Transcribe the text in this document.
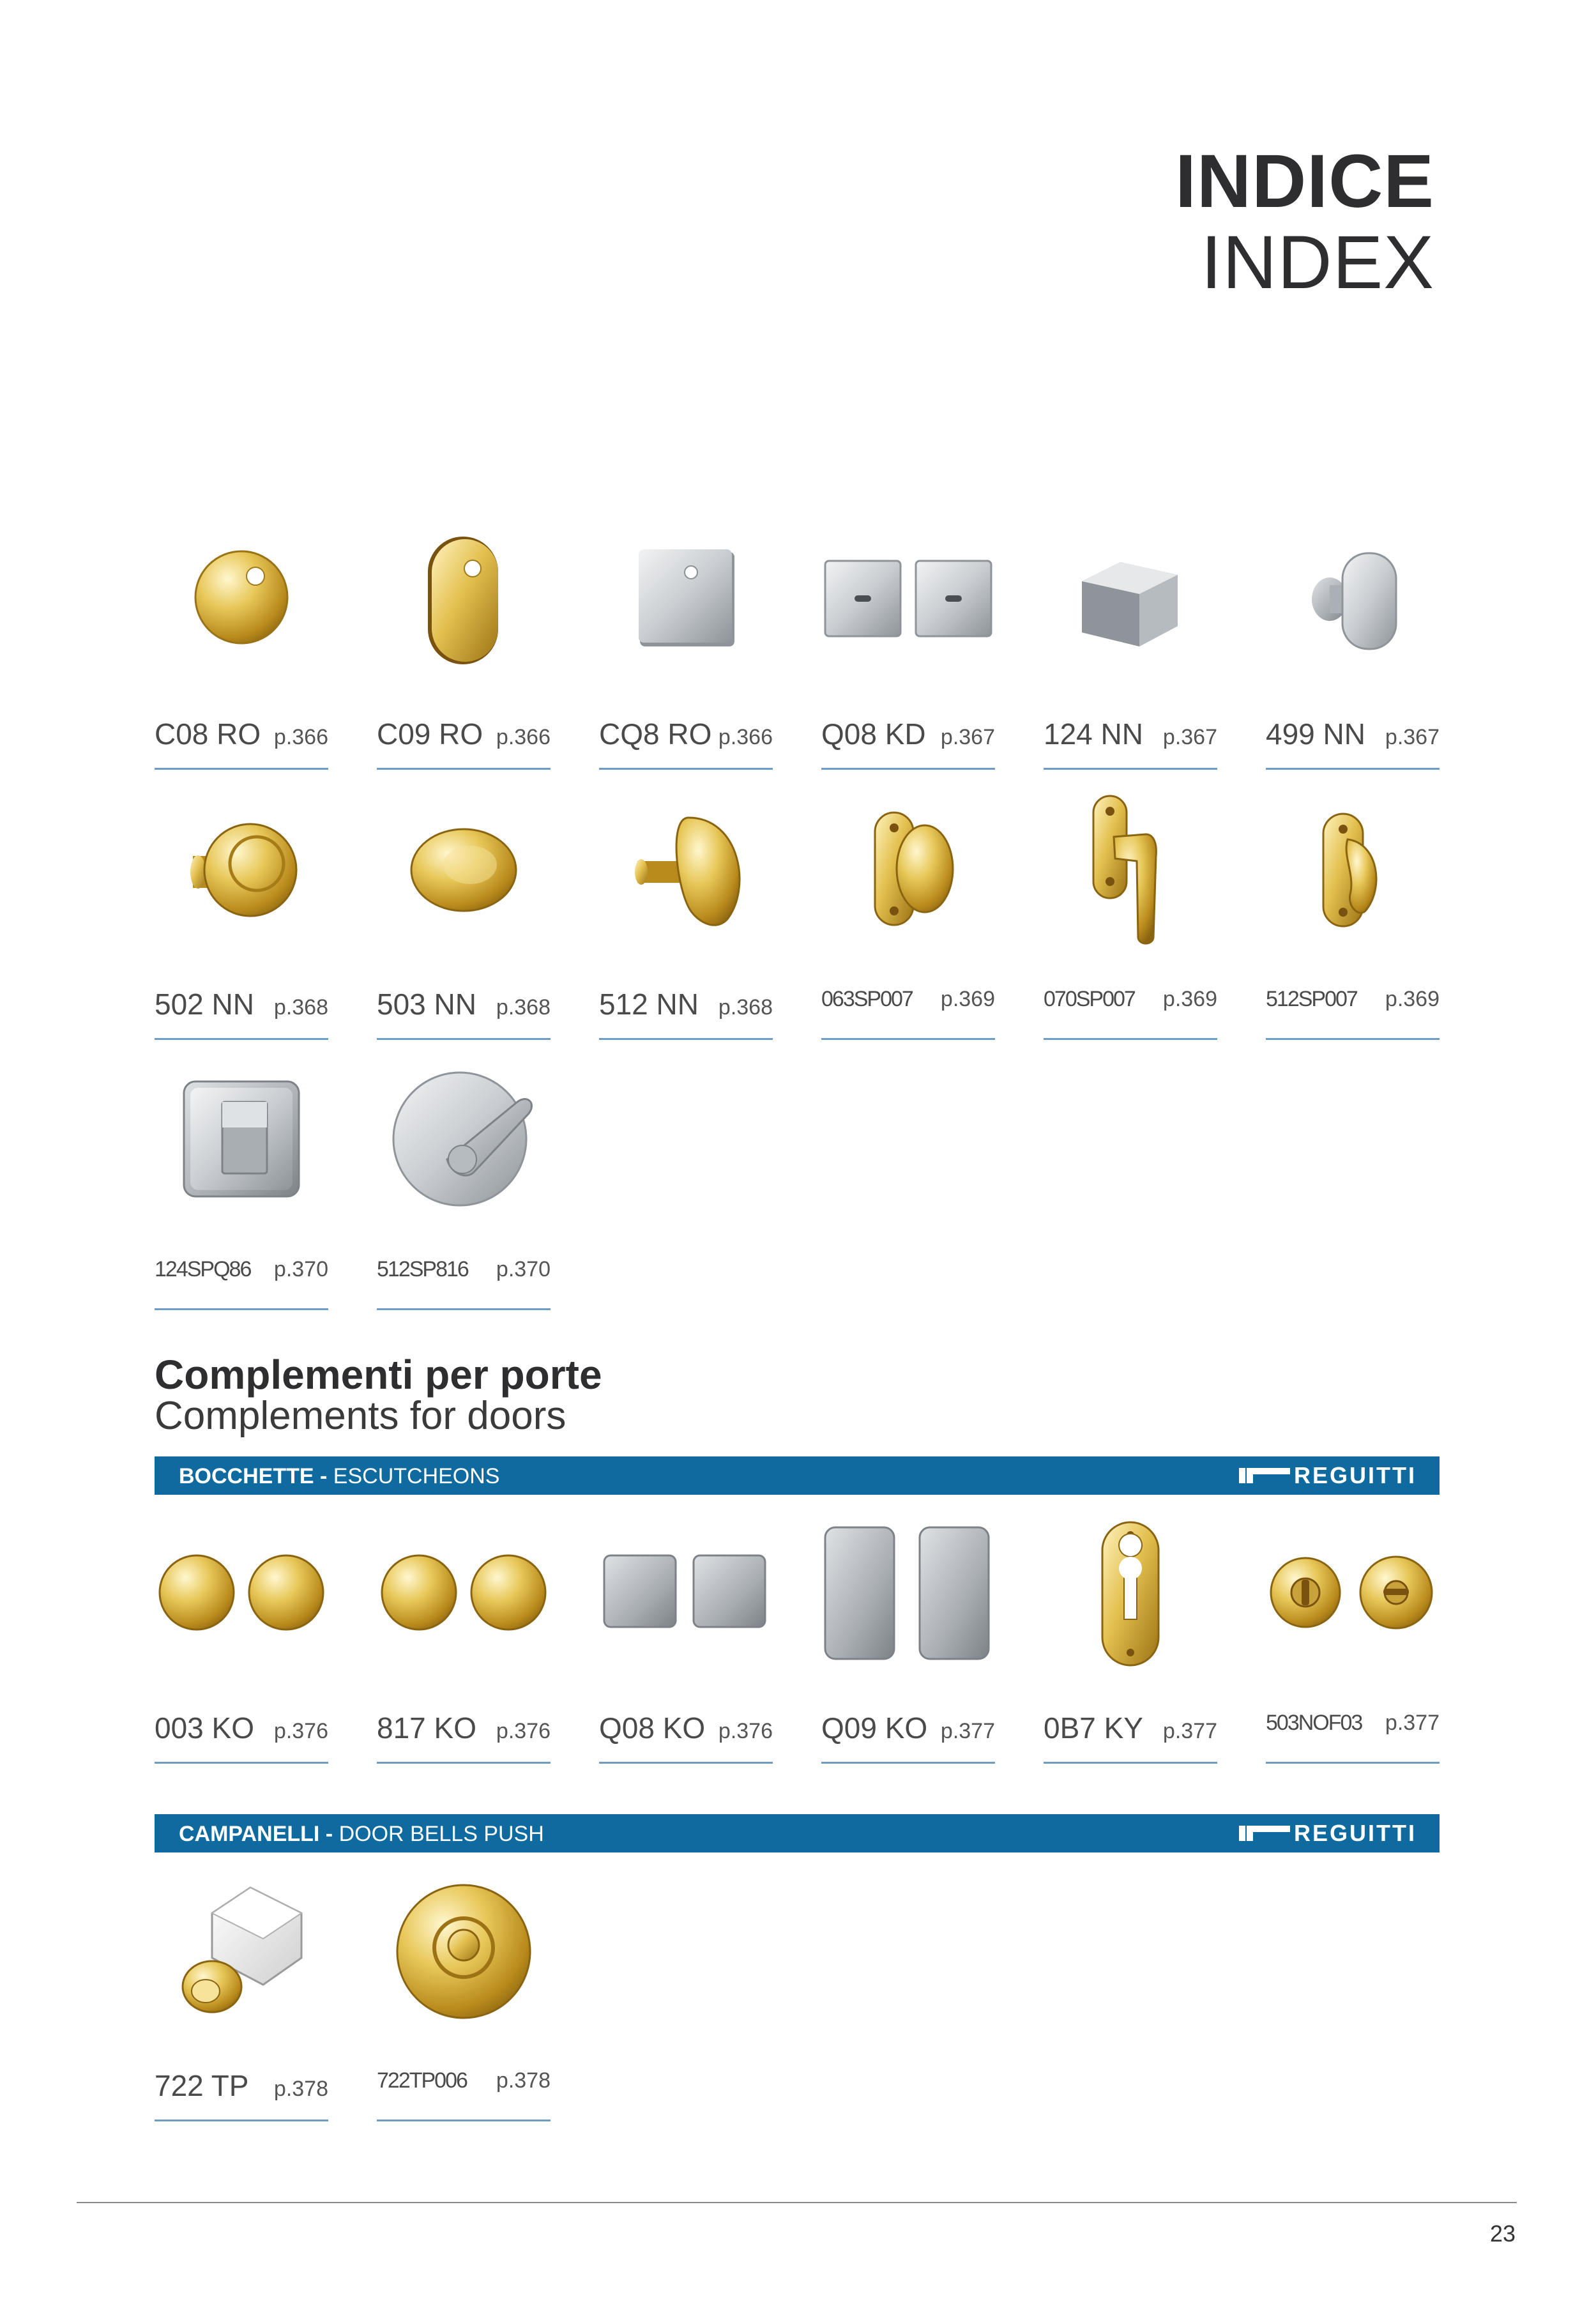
INDICE
INDEX
C08 RO p.366 C09 RO p.366 CQ8 RO p.366 Q08 KD p.367 124 NN p.367 499 NN p.367
502 NN p.368 503 NN p.368 512 NN p.368 063SP007 p.369 070SP007 p.369 512SP007 p.369
124SPQ86 p.370 512SP816 p.370
Complementi per porte
Complements for doors
BOCCHETTE - ESCUTCHEONS	REGUITTI
003 KO p.376 817 KO p.376 Q08 KO p.376 Q09 KO p.377 0B7 KY p.377 503NOF03 p.377
CAMPANELLI - DOOR BELLS PUSH	REGUITTI
722 TP p.378 722TP006 p.378
23
